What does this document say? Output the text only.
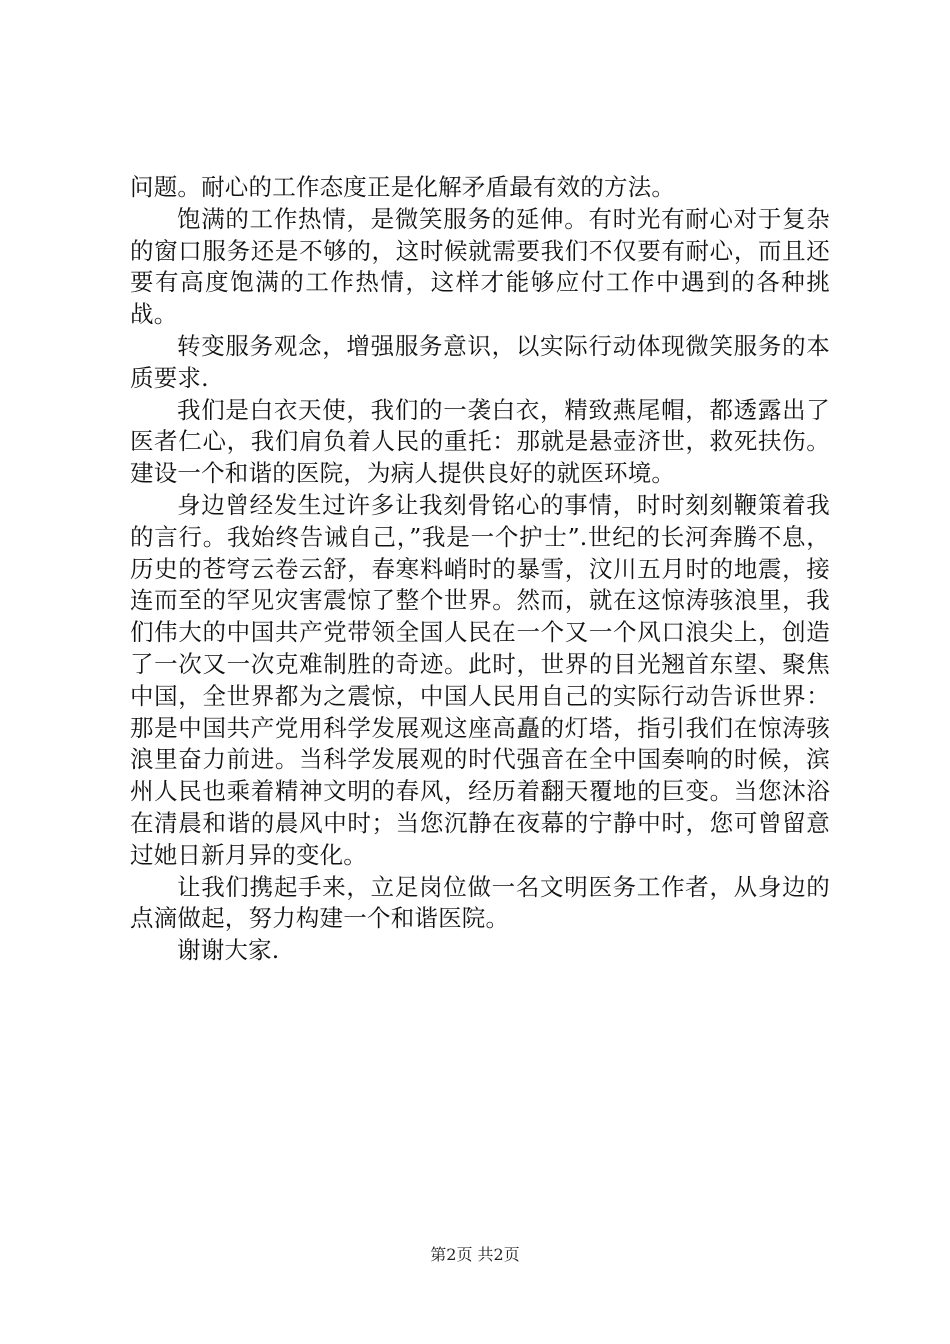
问题。耐心的工作态度正是化解矛盾最有效的方法。

饱满的工作热情，是微笑服务的延伸。有时光有耐心对于复杂的窗口服务还是不够的，这时候就需要我们不仅要有耐心，而且还要有高度饱满的工作热情，这样才能够应付工作中遇到的各种挑战。

转变服务观念，增强服务意识，以实际行动体现微笑服务的本质要求.

我们是白衣天使，我们的一袭白衣，精致燕尾帽，都透露出了医者仁心，我们肩负着人民的重托：那就是悬壶济世，救死扶伤。建设一个和谐的医院，为病人提供良好的就医环境。

身边曾经发生过许多让我刻骨铭心的事情，时时刻刻鞭策着我的言行。我始终告诫自己，”我是一个护士”.世纪的长河奔腾不息，历史的苍穹云卷云舒，春寒料峭时的暴雪，汶川五月时的地震，接连而至的罕见灾害震惊了整个世界。然而，就在这惊涛骇浪里，我们伟大的中国共产党带领全国人民在一个又一个风口浪尖上，创造了一次又一次克难制胜的奇迹。此时，世界的目光翘首东望、聚焦中国，全世界都为之震惊，中国人民用自己的实际行动告诉世界：那是中国共产党用科学发展观这座高矗的灯塔，指引我们在惊涛骇浪里奋力前进。当科学发展观的时代强音在全中国奏响的时候，滨州人民也乘着精神文明的春风，经历着翻天覆地的巨变。当您沐浴在清晨和谐的晨风中时；当您沉静在夜幕的宁静中时，您可曾留意过她日新月异的变化。

让我们携起手来，立足岗位做一名文明医务工作者，从身边的点滴做起，努力构建一个和谐医院。

谢谢大家.

第2页 共2页
